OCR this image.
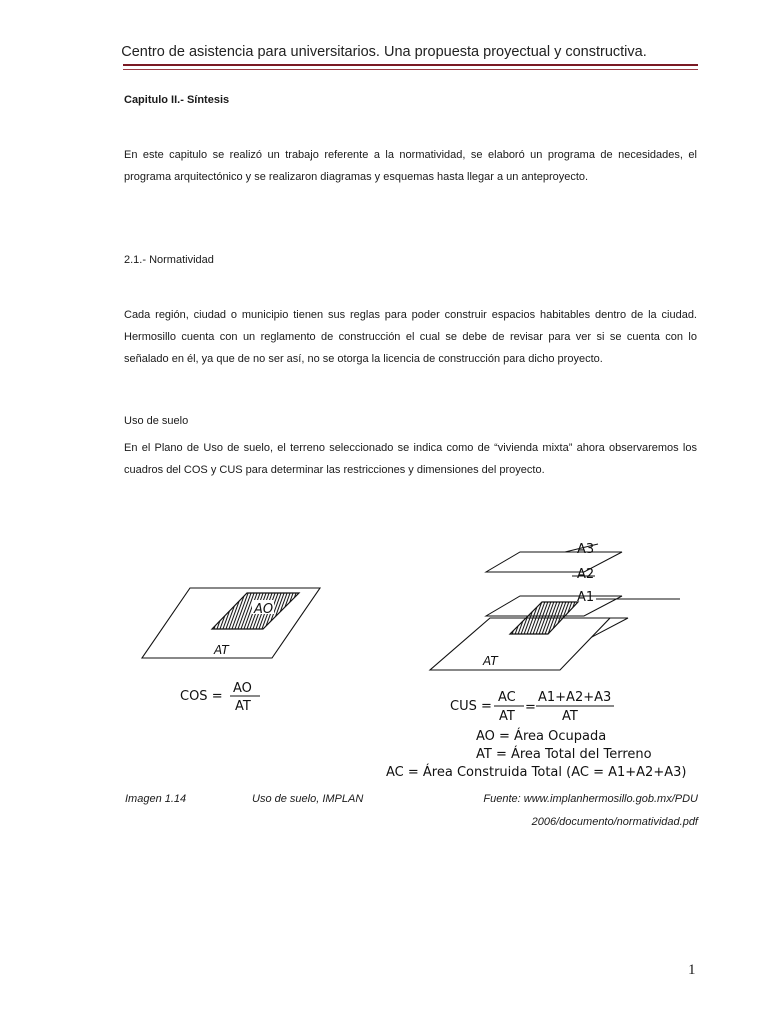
Centro de asistencia para universitarios. Una propuesta proyectual y constructiva.
Capitulo II.- Síntesis
En este capitulo se realizó un trabajo referente a la normatividad, se elaboró un programa de necesidades, el programa arquitectónico y se realizaron diagramas y esquemas hasta llegar a un anteproyecto.
2.1.- Normatividad
Cada región, ciudad o municipio tienen sus reglas para poder construir espacios habitables dentro de la ciudad. Hermosillo cuenta con un reglamento de construcción el cual se debe de revisar para ver si se cuenta con lo señalado en él, ya que de no ser así, no se otorga la licencia de construcción para dicho proyecto.
Uso de suelo
En el Plano de Uso de suelo, el terreno seleccionado se indica como de “vivienda mixta” ahora observaremos los cuadros del COS y CUS para determinar las restricciones y dimensiones del proyecto.
AO
AT
COS =
AO
AT
A3
A2
A1
AT
CUS =
AC
AT
=
A1+A2+A3
AT
AO = Área Ocupada
AT = Área Total del Terreno
AC = Área Construida Total (AC = A1+A2+A3)
Imagen 1.14	Uso de suelo, IMPLAN	Fuente: www.implanhermosillo.gob.mx/PDU
2006/documento/normatividad.pdf
1
